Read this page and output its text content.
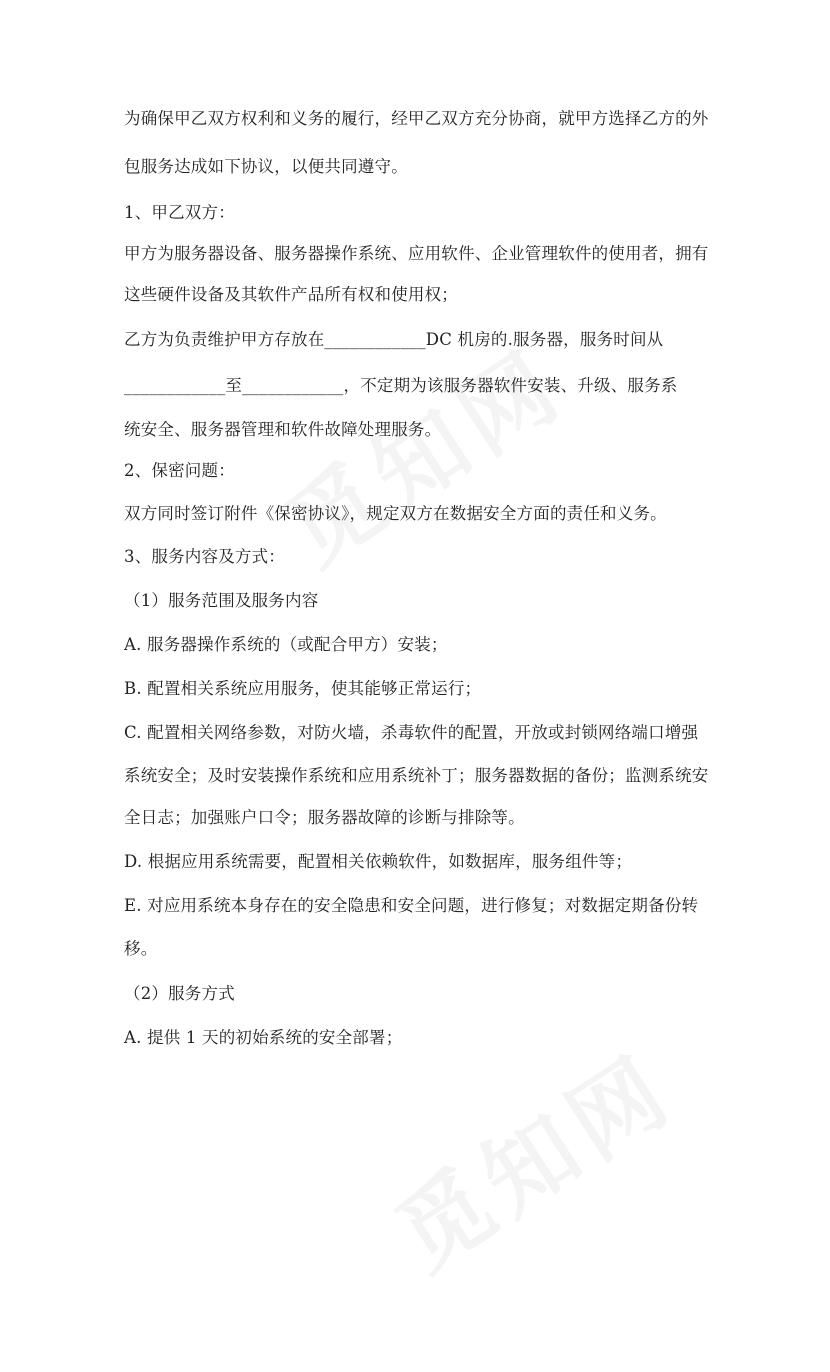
为确保甲乙双方权利和义务的履行，经甲乙双方充分协商，就甲方选择乙方的外

包服务达成如下协议，以便共同遵守。

1、甲乙双方：

甲方为服务器设备、服务器操作系统、应用软件、企业管理软件的使用者，拥有

这些硬件设备及其软件产品所有权和使用权；

乙方为负责维护甲方存放在____________DC 机房的.服务器，服务时间从

____________至____________，不定期为该服务器软件安装、升级、服务系

统安全、服务器管理和软件故障处理服务。

2、保密问题：

双方同时签订附件《保密协议》，规定双方在数据安全方面的责任和义务。

3、服务内容及方式：

（1）服务范围及服务内容

A. 服务器操作系统的（或配合甲方）安装；

B. 配置相关系统应用服务，使其能够正常运行；

C. 配置相关网络参数，对防火墙，杀毒软件的配置，开放或封锁网络端口增强

系统安全；及时安装操作系统和应用系统补丁；服务器数据的备份；监测系统安

全日志；加强账户口令；服务器故障的诊断与排除等。

D. 根据应用系统需要，配置相关依赖软件，如数据库，服务组件等；

E. 对应用系统本身存在的安全隐患和安全问题，进行修复；对数据定期备份转

移。

（2）服务方式

A. 提供 1 天的初始系统的安全部署；
